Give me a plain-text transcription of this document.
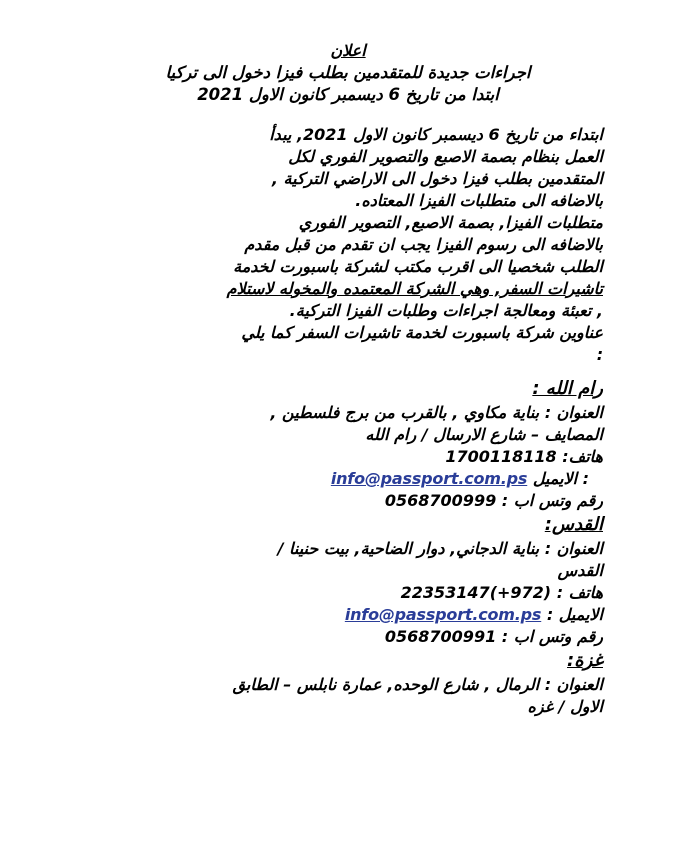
اعلان
اجراءات جديدة للمتقدمين بطلب فيزا دخول الى تركيا
ابتدا من تاريخ 6 ديسمبر كانون الاول 2021
ابتداء من تاريخ 6 ديسمبر كانون الاول 2021, يبدأ
العمل بنظام بصمة الاصبع والتصوير الفوري لكل
المتقدمين بطلب فيزا دخول الى الاراضي التركية ,
بالاضافه الى متطلبات الفيزا المعتاده.
متطلبات الفيزا, بصمة الاصبع, التصوير الفوري
بالاضافه الى رسوم الفيزا يجب ان تقدم من قبل مقدم
الطلب شخصيا الى اقرب مكتب لشركة باسبورت لخدمة
تاشيرات السفر, وهي الشركة المعتمده والمخوله لاستلام
, تعبئة ومعالجة اجراءات وطلبات الفيزا التركية.
عناوين شركة باسبورت لخدمة تاشيرات السفر كما يلي
:
رام الله :
العنوان : بناية مكاوي , بالقرب من برج فلسطين ,
المصايف – شارع الارسال / رام الله
هاتف: 1700118118
: الايميل info@passport.com.ps
رقم وتس اب : 0568700999
القدس:
العنوان : بناية الدجاني, دوار الضاحية, بيت حنينا /
القدس
هاتف : 22353147(+972)
الايميل : info@passport.com.ps
رقم وتس اب : 0568700991
غزة:
العنوان : الرمال , شارع الوحده, عمارة نابلس – الطابق
الاول / غزه
